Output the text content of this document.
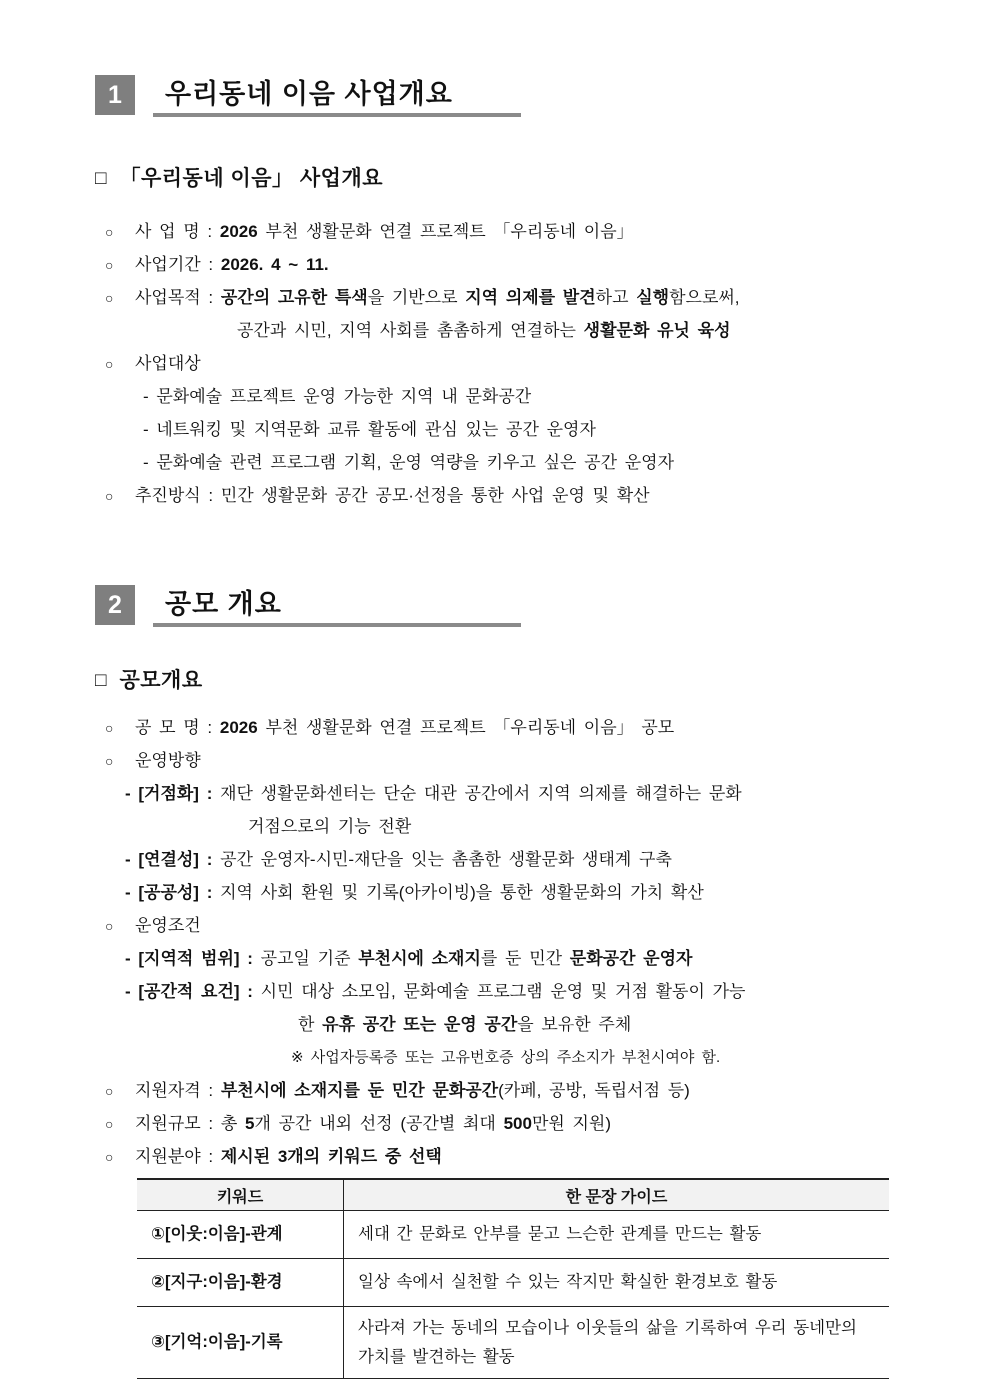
1	우리동네 이음 사업개요
□ 「우리동네 이음」 사업개요
○ 사 업 명 : 2026 부천 생활문화 연결 프로젝트 「우리동네 이음」
○ 사업기간 : 2026. 4 ~ 11.
○ 사업목적 : 공간의 고유한 특색을 기반으로 지역 의제를 발견하고 실행함으로써,
공간과 시민, 지역 사회를 촘촘하게 연결하는 생활문화 유닛 육성
○ 사업대상
- 문화예술 프로젝트 운영 가능한 지역 내 문화공간
- 네트워킹 및 지역문화 교류 활동에 관심 있는 공간 운영자
- 문화예술 관련 프로그램 기획, 운영 역량을 키우고 싶은 공간 운영자
○ 추진방식 : 민간 생활문화 공간 공모·선정을 통한 사업 운영 및 확산
2	공모 개요
□ 공모개요
○ 공 모 명 : 2026 부천 생활문화 연결 프로젝트 「우리동네 이음」 공모
○ 운영방향
- [거점화] : 재단 생활문화센터는 단순 대관 공간에서 지역 의제를 해결하는 문화
거점으로의 기능 전환
- [연결성] : 공간 운영자-시민-재단을 잇는 촘촘한 생활문화 생태계 구축
- [공공성] : 지역 사회 환원 및 기록(아카이빙)을 통한 생활문화의 가치 확산
○ 운영조건
- [지역적 범위] : 공고일 기준 부천시에 소재지를 둔 민간 문화공간 운영자
- [공간적 요건] : 시민 대상 소모임, 문화예술 프로그램 운영 및 거점 활동이 가능
한 유휴 공간 또는 운영 공간을 보유한 주체
※ 사업자등록증 또는 고유번호증 상의 주소지가 부천시여야 함.
○ 지원자격 : 부천시에 소재지를 둔 민간 문화공간(카페, 공방, 독립서점 등)
○ 지원규모 : 총 5개 공간 내외 선정 (공간별 최대 500만원 지원)
○ 지원분야 : 제시된 3개의 키워드 중 선택
키워드	한 문장 가이드
①[이웃:이음]-관계	세대 간 문화로 안부를 묻고 느슨한 관계를 만드는 활동
②[지구:이음]-환경	일상 속에서 실천할 수 있는 작지만 확실한 환경보호 활동
③[기억:이음]-기록	사라져 가는 동네의 모습이나 이웃들의 삶을 기록하여 우리 동네만의 가치를 발견하는 활동
